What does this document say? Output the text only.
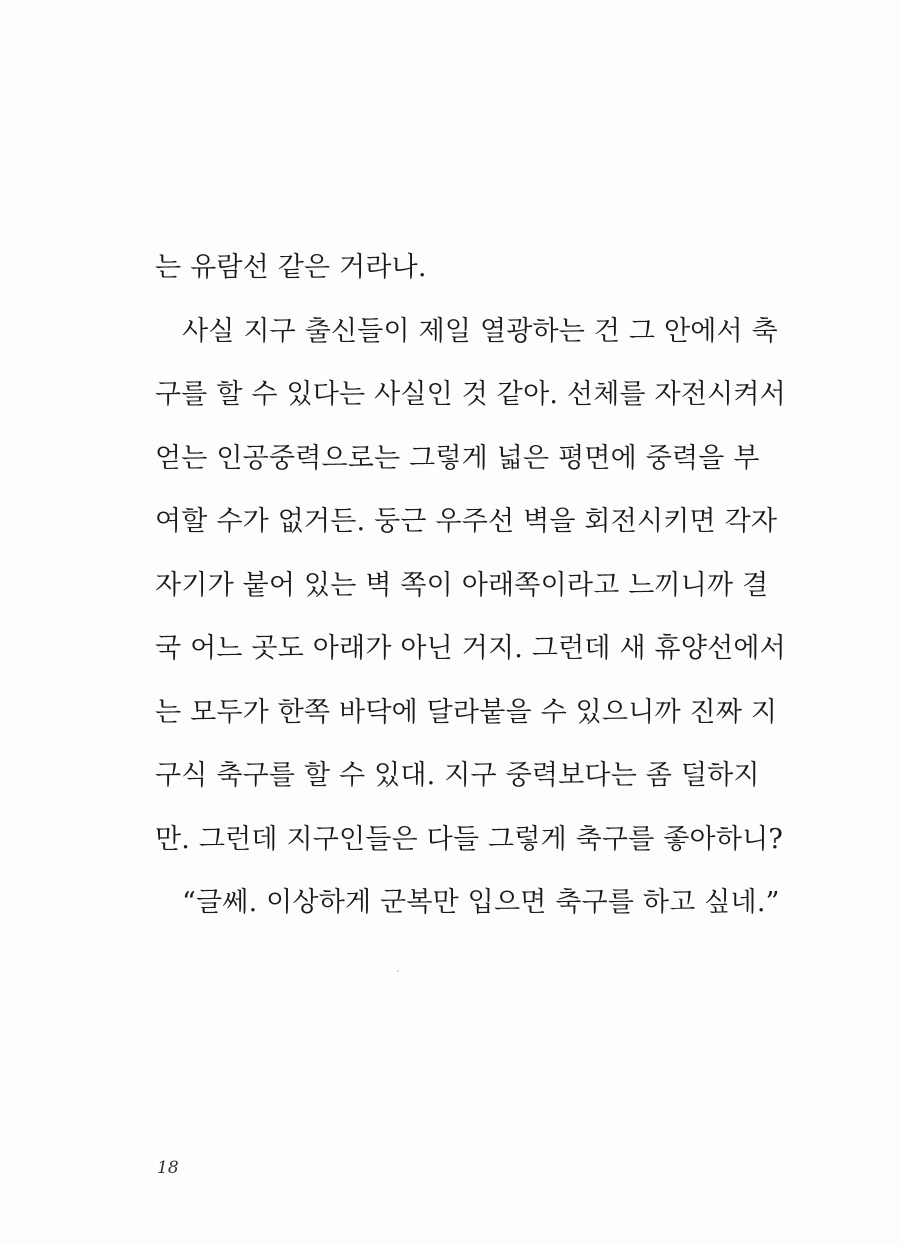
는 유람선 같은 거라나.
사실 지구 출신들이 제일 열광하는 건 그 안에서 축
구를 할 수 있다는 사실인 것 같아. 선체를 자전시켜서
얻는 인공중력으로는 그렇게 넓은 평면에 중력을 부
여할 수가 없거든. 둥근 우주선 벽을 회전시키면 각자
자기가 붙어 있는 벽 쪽이 아래쪽이라고 느끼니까 결
국 어느 곳도 아래가 아닌 거지. 그런데 새 휴양선에서
는 모두가 한쪽 바닥에 달라붙을 수 있으니까 진짜 지
구식 축구를 할 수 있대. 지구 중력보다는 좀 덜하지
만. 그런데 지구인들은 다들 그렇게 축구를 좋아하니?
“글쎄. 이상하게 군복만 입으면 축구를 하고 싶네.”
18
